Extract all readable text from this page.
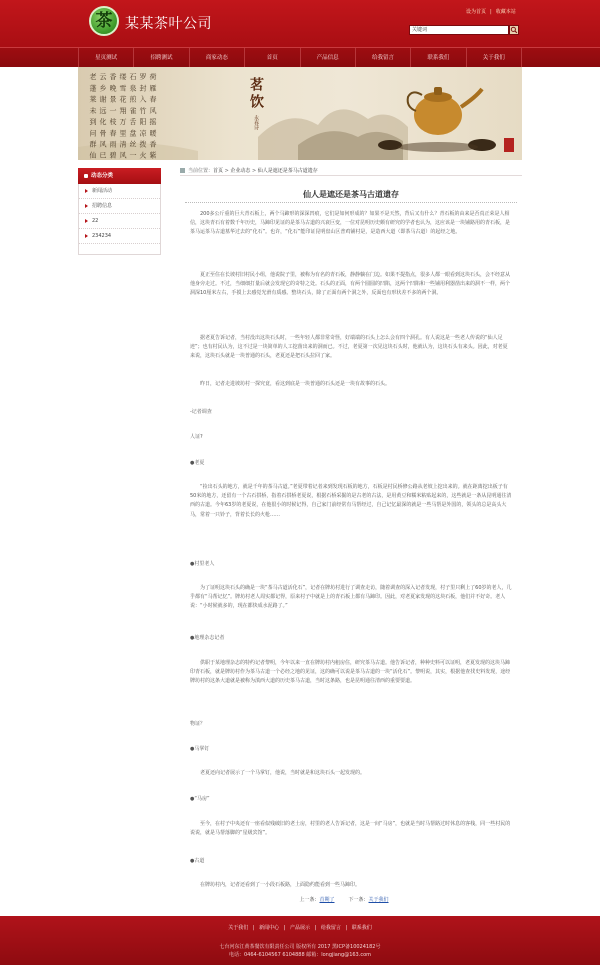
茶 某某茶叶公司
设为首页 | 收藏本站
关键词
星页测试	招聘测试	商家动态	首页	产品信息	给我留言	联系我们	关于我们
荷 雁 春 风 摇 暖 香 紫 罗 封 入 竹 阳 凉 拨 火 石 泉 煎 雀 舌 盘 丝 一 缕 雪 花 翔 万 里 清 风 香 晚 景 一 枝 春 雨 碧 云 乡 谢 远 化 骨 风 已 老 蓬 莱 未 到 问 群 仙	茗饮永春诗
动态分类
新闻活动
招聘信息
22
234234
当前位置：首页 > 企业动态 > 仙人是遮还是茶马古道遗存
仙人是遮还是茶马古道遗存
200多公斤重的巨大青石板上，两个马蹄形的深深凹痕，它们是如何形成的？如果不是天然，背后又有什么？青石板的由来是否真正荣是人相信，这块青石有着数千年历史，马蹄印见证的是茶马古道的兴衰巨变，一位对昆明历史颇有研究的学者也认为，这应该是一块铺路用的青石板，是茶马运茶马古道墓华过去的“化石”。也许，“化石”能印证昆明盘山区普鸡铺村是，是造西大道（即茶马古道）的起经之地。
夏正至住在长坡村旧村民小组，他说院子里，被称为有名的青石板，静静躺在门边。如果不提指点，很多人都一眼看到这块石头，会不经意从他身旁走过。不过，当细细打量后就会发现它的奇特之处。石头的正面，有两个圆圆的凹陷，这两个凹陷和一些铺用利器凿出来的洞不一样，两个洞深10厘米左右，手摸上去感觉光滑有质感。整块石头，除了正面有两个洞之外，反面也有形状差不多的两个洞。
据老夏告诉记者，当村没出这块石头时，一些年轻人都非常奇怪，好端端的石头上怎么会有四个洞孔。有人说这是一些老人传说的“仙人足迹”；也有村民认为，这不过是一块简单的人工挖凿出来的洞而已。不过，老夏第一次见这块石头时，他就认为，这块石头有来头。因此，对老夏来说，这块石头就是一块普通的石头，老夏还是把石头拉回了家。
昨日，记者走进坡坊村一探究竟，看这到底是一块普通的石头还是一块有故事的石头。
-记者调查
人证?
●老夏
“捡出石头的地方，就是千年的茶马古道。”老夏带着记者来到发现石板的地方，石板是村民桥修公路从老坡上挖出来的。就在距离挖出板子有50米的地方，还留有一个古石拱桥，指着石拱桥老夏说，根据石桥采掘的是古老的古法，是用黄豆和糯米粘贴起来的，这些就是一条从昆明通往清西的古道。今年63岁的老夏说，在他很小的时候记得，自己家门前经常有马帮经过，自己记忆最深的就是一些马帮是外国的，领头的总是高头大马，常着一只铃子，背着长长的火枪……
●村里老人
为了证明这块石头的确是一块“茶马古道活化石”，记者在牌坊村进行了调查走访，随着调查的深入记者发现，村子里只剩上了60岁的老人，几乎都有“马帮记忆”。牌坊村老人周实都记得，原来村子中就是上的青石板上都有马蹄印。因此，对老夏家发现的这块石板，他们并不好奇。老人说：“小时候就多的，现在都快成水泥路了。”
●地理杂志记者
供职于某地理杂志的特约记者黎明，今年以来一直在牌坊村内租房住，研究茶马古道。他告诉记者，种种史料可以证明，老夏发现的这块马蹄印青石板，就是牌坊村作为茶马古道一个必经之地的见证，这的确可以说是茶马古道的一块“活化石”。黎明说，其实，根据他查找史料发现，途经牌坊村的这条大道就是被称为滇西大道的历史茶马古道，当时这条路，也是昆明通往清西的重要要道。
物证？
●马掌钉
老夏还向记者展示了一个马掌钉，他说，当时就是和这块石头一起发现的。
●“马房”
至今，在村子中央还有一座看似残破旧的老土房，村里的老人告诉记者，这是一间“马房”，也就是当时马帮路过时休息的客栈，同一些村民的说说，就是马帮落脚的“星级宾馆”。
●古道
在牌坊村内，记者还看到了一小段石板路，上面隐约能看到一些马蹄印。
上一条：首期了	下一条：关于我们
关于我们 | 新闻中心 | 产品展示 | 给我留言 | 联系我们
七台河东江黄茶餐饮有限责任公司 版权所有 2017 黑ICP备10024182号
电话：0464-6104567 6104888 邮箱：longjiang@163.com
